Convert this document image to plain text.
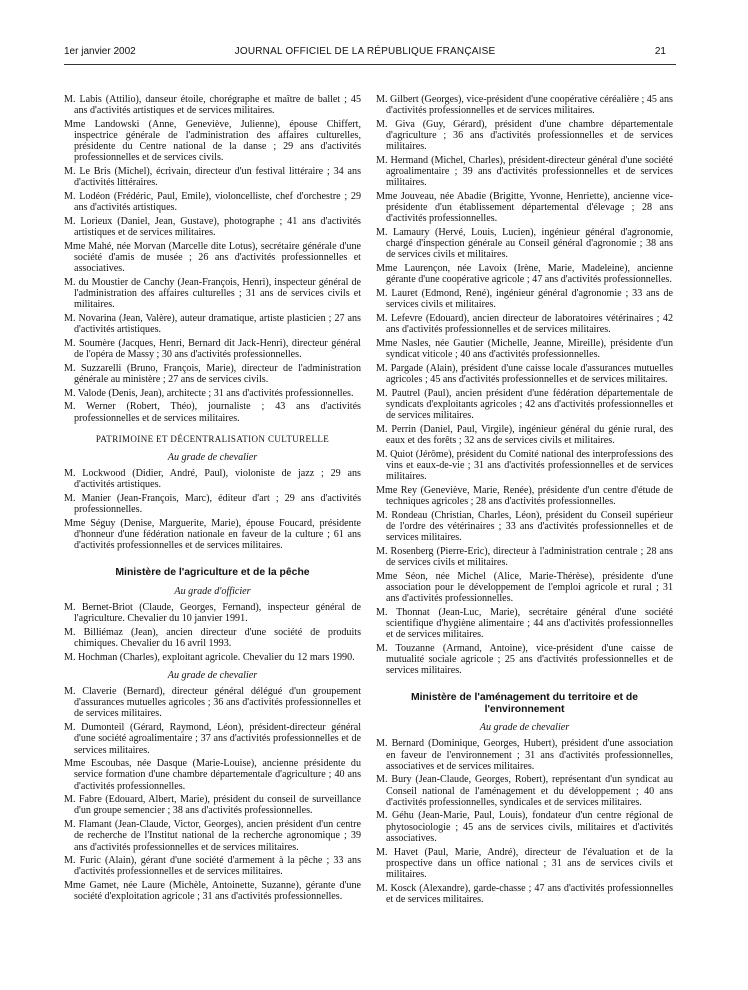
1er janvier 2002	JOURNAL OFFICIEL DE LA RÉPUBLIQUE FRANÇAISE	21

M. Labis (Attilio), danseur étoile, chorégraphe et maître de ballet ; 45 ans d'activités artistiques et de services militaires.

Mme Landowski (Anne, Geneviève, Julienne), épouse Chiffert, inspectrice générale de l'administration des affaires culturelles, présidente du Centre national de la danse ; 29 ans d'activités professionnelles et de services civils.

M. Le Bris (Michel), écrivain, directeur d'un festival littéraire ; 34 ans d'activités littéraires.

M. Lodéon (Frédéric, Paul, Emile), violoncelliste, chef d'orchestre ; 29 ans d'activités artistiques.

M. Lorieux (Daniel, Jean, Gustave), photographe ; 41 ans d'activités artistiques et de services militaires.

Mme Mahé, née Morvan (Marcelle dite Lotus), secrétaire générale d'une société d'amis de musée ; 26 ans d'activités professionnelles et associatives.

M. du Moustier de Canchy (Jean-François, Henri), inspecteur général de l'administration des affaires culturelles ; 31 ans de services civils et militaires.

M. Novarina (Jean, Valère), auteur dramatique, artiste plasticien ; 27 ans d'activités artistiques.

M. Soumère (Jacques, Henri, Bernard dit Jack-Henri), directeur général de l'opéra de Massy ; 30 ans d'activités professionnelles.

M. Suzzarelli (Bruno, François, Marie), directeur de l'administration générale au ministère ; 27 ans de services civils.

M. Valode (Denis, Jean), architecte ; 31 ans d'activités professionnelles.

M. Werner (Robert, Théo), journaliste ; 43 ans d'activités professionnelles et de services militaires.

PATRIMOINE ET DÉCENTRALISATION CULTURELLE

Au grade de chevalier

M. Lockwood (Didier, André, Paul), violoniste de jazz ; 29 ans d'activités artistiques.

M. Manier (Jean-François, Marc), éditeur d'art ; 29 ans d'activités professionnelles.

Mme Séguy (Denise, Marguerite, Marie), épouse Foucard, présidente d'honneur d'une fédération nationale en faveur de la culture ; 61 ans d'activités professionnelles et de services militaires.

Ministère de l'agriculture et de la pêche

Au grade d'officier

M. Bernet-Briot (Claude, Georges, Fernand), inspecteur général de l'agriculture. Chevalier du 10 janvier 1991.

M. Billiémaz (Jean), ancien directeur d'une société de produits chimiques. Chevalier du 16 avril 1993.

M. Hochman (Charles), exploitant agricole. Chevalier du 12 mars 1990.

Au grade de chevalier

M. Claverie (Bernard), directeur général délégué d'un groupement d'assurances mutuelles agricoles ; 36 ans d'activités professionnelles et de services militaires.

M. Dumonteil (Gérard, Raymond, Léon), président-directeur général d'une société agroalimentaire ; 37 ans d'activités professionnelles et de services militaires.

Mme Escoubas, née Dasque (Marie-Louise), ancienne présidente du service formation d'une chambre départementale d'agriculture ; 40 ans d'activités professionnelles.

M. Fabre (Edouard, Albert, Marie), président du conseil de surveillance d'un groupe semencier ; 38 ans d'activités professionnelles.

M. Flamant (Jean-Claude, Victor, Georges), ancien président d'un centre de recherche de l'Institut national de la recherche agronomique ; 39 ans d'activités professionnelles et de services militaires.

M. Furic (Alain), gérant d'une société d'armement à la pêche ; 33 ans d'activités professionnelles et de services militaires.

Mme Gamet, née Laure (Michèle, Antoinette, Suzanne), gérante d'une société d'exploitation agricole ; 31 ans d'activités professionnelles.

M. Gilbert (Georges), vice-président d'une coopérative céréalière ; 45 ans d'activités professionnelles et de services militaires.

M. Giva (Guy, Gérard), président d'une chambre départementale d'agriculture ; 36 ans d'activités professionnelles et de services militaires.

M. Hermand (Michel, Charles), président-directeur général d'une société agroalimentaire ; 39 ans d'activités professionnelles et de services militaires.

Mme Jouveau, née Abadie (Brigitte, Yvonne, Henriette), ancienne vice-présidente d'un établissement départemental d'élevage ; 28 ans d'activités professionnelles.

M. Lamaury (Hervé, Louis, Lucien), ingénieur général d'agronomie, chargé d'inspection générale au Conseil général d'agronomie ; 38 ans de services civils et militaires.

Mme Laurençon, née Lavoix (Irène, Marie, Madeleine), ancienne gérante d'une coopérative agricole ; 47 ans d'activités professionnelles.

M. Lauret (Edmond, René), ingénieur général d'agronomie ; 33 ans de services civils et militaires.

M. Lefevre (Edouard), ancien directeur de laboratoires vétérinaires ; 42 ans d'activités professionnelles et de services militaires.

Mme Nasles, née Gautier (Michelle, Jeanne, Mireille), présidente d'un syndicat viticole ; 40 ans d'activités professionnelles.

M. Pargade (Alain), président d'une caisse locale d'assurances mutuelles agricoles ; 45 ans d'activités professionnelles et de services militaires.

M. Pautrel (Paul), ancien président d'une fédération départementale de syndicats d'exploitants agricoles ; 42 ans d'activités professionnelles et de services militaires.

M. Perrin (Daniel, Paul, Virgile), ingénieur général du génie rural, des eaux et des forêts ; 32 ans de services civils et militaires.

M. Quiot (Jérôme), président du Comité national des interprofessions des vins et eaux-de-vie ; 31 ans d'activités professionnelles et de services militaires.

Mme Rey (Geneviève, Marie, Renée), présidente d'un centre d'étude de techniques agricoles ; 28 ans d'activités professionnelles.

M. Rondeau (Christian, Charles, Léon), président du Conseil supérieur de l'ordre des vétérinaires ; 33 ans d'activités professionnelles et de services militaires.

M. Rosenberg (Pierre-Eric), directeur à l'administration centrale ; 28 ans de services civils et militaires.

Mme Séon, née Michel (Alice, Marie-Thérèse), présidente d'une association pour le développement de l'emploi agricole et rural ; 31 ans d'activités professionnelles.

M. Thonnat (Jean-Luc, Marie), secrétaire général d'une société scientifique d'hygiène alimentaire ; 44 ans d'activités professionnelles et de services militaires.

M. Touzanne (Armand, Antoine), vice-président d'une caisse de mutualité sociale agricole ; 25 ans d'activités professionnelles et de services militaires.

Ministère de l'aménagement du territoire et de l'environnement

Au grade de chevalier

M. Bernard (Dominique, Georges, Hubert), président d'une association en faveur de l'environnement ; 31 ans d'activités professionnelles, associatives et de services militaires.

M. Bury (Jean-Claude, Georges, Robert), représentant d'un syndicat au Conseil national de l'aménagement et du développement ; 40 ans d'activités professionnelles, syndicales et de services militaires.

M. Géhu (Jean-Marie, Paul, Louis), fondateur d'un centre régional de phytosociologie ; 45 ans de services civils, militaires et d'activités associatives.

M. Havet (Paul, Marie, André), directeur de l'évaluation et de la prospective dans un office national ; 31 ans de services civils et militaires.

M. Kosck (Alexandre), garde-chasse ; 47 ans d'activités professionnelles et de services militaires.
